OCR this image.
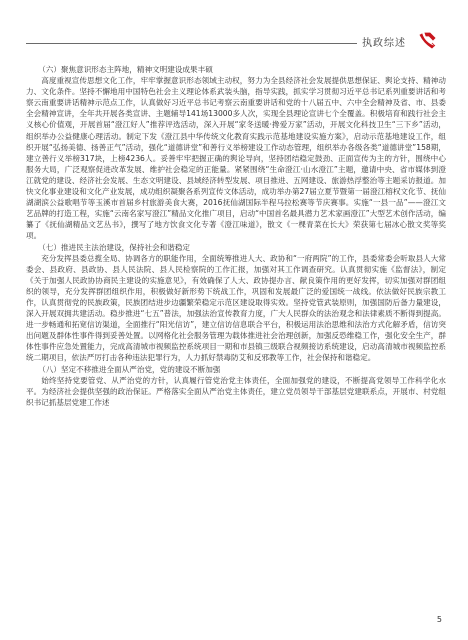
执政综述

（六）聚焦意识形态主阵地，精神文明建设成果丰硕

高度重视宣传思想文化工作，牢牢掌握意识形态领域主动权，努力为全县经济社会发展提供思想保证、舆论支持、精神动力、文化条件。坚持不懈地用中国特色社会主义理论体系武装头脑，指导实践，抓实学习贯彻习近平总书记系列重要讲话和考察云南重要讲话精神示范点工作，认真做好习近平总书记考察云南重要讲话和党的十八届五中、六中全会精神及省、市、县委全会精神宣讲，全年共开展各类宣讲、主题辅导141场13000多人次，实现全县理论宣讲七个全覆盖。积极培育和践行社会主义核心价值观，开展首届“澄江好人”推荐评选活动，深入开展“家冬送暖·搀爱万家”活动，开展文化科技卫生“三下乡”活动，组织举办公益健康心理活动。制定下发《澄江县中华传统文化教育实践示范基地建设实施方案》，启动示范基地建设工作，组织开展“弘扬美德、扬善正气”活动，强化“道德讲堂”和善行义举榜建设工作动态管理，组织举办各级各类“道德讲堂”158期，建立善行义举榜317块，上榜4236人。妥善牢牢把握正确的舆论导向，坚持团结稳定鼓劲、正面宣传为主的方针，围绕中心服务大局，广泛观察促进改革发展、维护社会稳定的正能量。紧紧围绕“生命澄江·山水澄江”主题，邀请中央、省市媒体到澄江就党的建设、经济社会发展、生态文明建设、县域经济转型发展、项目推进、五网建设、旅游热浮整治等主题采访报道。加快文化事业建设和文化产业发展，成功组织凝聚各系列宣传文体活动，成功举办第27届立夏节暨第一届澄江榕权文化节、抚仙湖湖滨公益歌唱节等玉溪市首届乡村旅游美食大赛，2016抚仙湖国际半程马拉松赛等节庆赛事。实施“一县一品”——澄江文艺品牌的打造工程，实施“云南名家写澄江”精品文化推广项目，启动“中国首名最具潜力艺术家画澄江”大型艺术创作活动，编纂了《抚仙湖精品文艺丛书》，撰写了地方饮食文化专著《澄江味道》，散文《一棵青菜在长大》荣获第七届冰心散文奖等奖项。

（七）推进民主法治建设，保持社会和谐稳定

充分发挥县委总揽全局、协调各方的职能作用，全面统筹推进人大、政协和“一府两院”的工作，县委常委会听取县人大常委会、县政府、县政协、县人民法院、县人民检察院的工作汇报，加强对其工作调查研究。认真贯彻实施《监督法》，制定《关于加强人民政协协商民主建设的实施意见》，有效确保了人大、政协提办言、献良策作用的更好发挥，切实加强对群团组织的领导，充分发挥群团组织作用，积极做好新形势下统战工作，巩固和发展最广泛的爱国统一战线。依法做好民族宗教工作，认真贯彻党的民族政策，民族团结进步边疆繁荣稳定示范区建设取得实效。坚持党管武装原则，加强国防后备力量建设，深入开展双拥共建活动。稳步推进“七五”普法，加强法治宣传教育力度，广大人民群众的法治观念和法律素质不断得到提高。进一步畅通和拓宽信访渠道，全面推行“阳光信访”，建立信访信息联合平台，积极运用法治思维和法治方式化解矛盾，信访突出问题及群体性事件得到妥善处置。以网格化社会服务管理为载体推进社会治理创新，加强反恐维稳工作，强化安全生产，群体性事件应急处置能力，完成高清城市视频监控系统项目一期和市县镇三级联合视频接访系统建设，启动高清城市视频监控系统二期项目，依法严厉打击各种违法犯罪行为，人力抓好禁毒防艾和反邪教等工作，社会保持和谐稳定。

（八）坚定不移推进全面从严治党，党的建设不断加强

始终坚持党要管党、从严治党的方针，认真履行管党治党主体责任，全面加强党的建设，不断提高党领导工作科学化水平。为经济社会提供坚强的政治保证。严格落实全面从严治党主体责任，建立党员领导干部基层党建联系点，开展市、村党组织书记抓基层党建工作述

5
